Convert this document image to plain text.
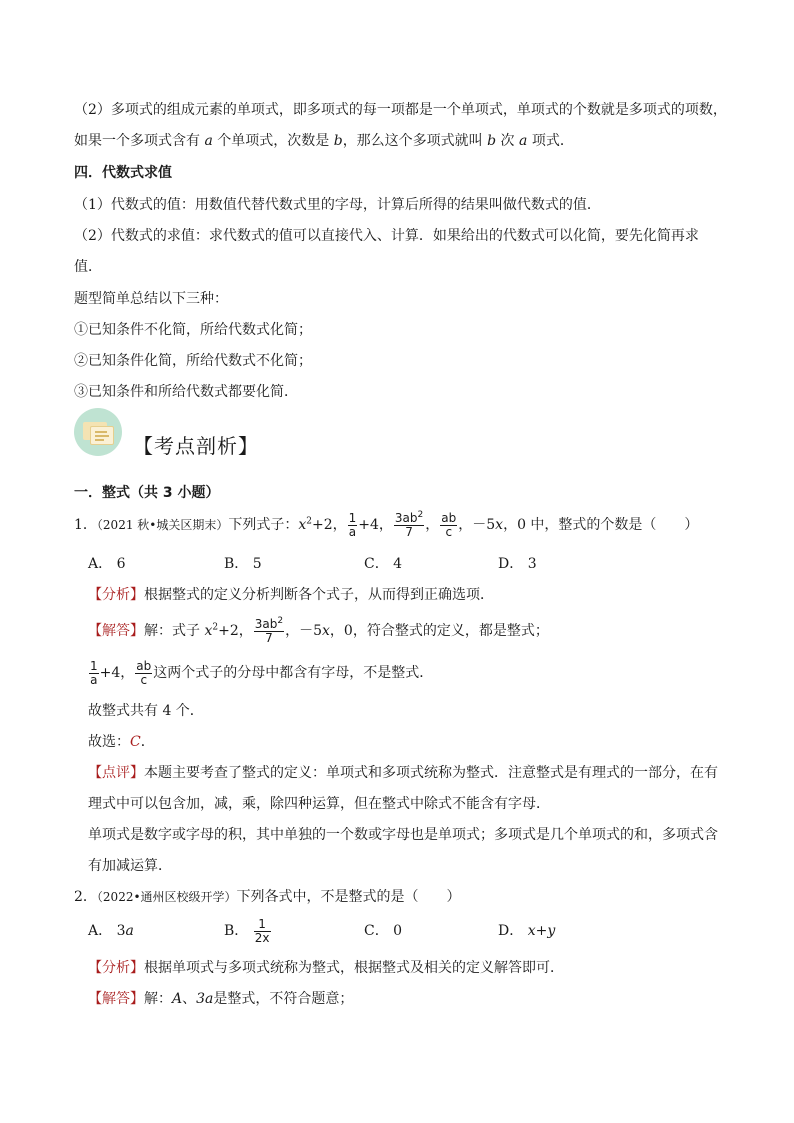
（2）多项式的组成元素的单项式，即多项式的每一项都是一个单项式，单项式的个数就是多项式的项数，
如果一个多项式含有 a 个单项式，次数是 b，那么这个多项式就叫 b 次 a 项式．
四．代数式求值
（1）代数式的值：用数值代替代数式里的字母，计算后所得的结果叫做代数式的值．
（2）代数式的求值：求代数式的值可以直接代入、计算．如果给出的代数式可以化简，要先化简再求
值．
题型简单总结以下三种：
①已知条件不化简，所给代数式化简；
②已知条件化简，所给代数式不化简；
③已知条件和所给代数式都要化简．
【考点剖析】
一．整式（共 3 小题）
1．（2021 秋•城关区期末）下列式子：$x^2+2$， $\frac{1}{a} +4$， $\frac{3ab^2}{7}$ ， $\frac{ab}{c}$ ，－5x，0 中，整式的个数是（　　）
A． 6	B． 5	C． 4	D． 3
【分析】根据整式的定义分析判断各个式子，从而得到正确选项．
【解答】解：式子 $x^2+2$， $\frac{3ab^2}{7}$ ，－5x，0，符合整式的定义，都是整式；
$\frac{1}{a} +4$， $\frac{ab}{c}$ 这两个式子的分母中都含有字母，不是整式．
故整式共有 4 个．
故选：C．
【点评】本题主要考查了整式的定义：单项式和多项式统称为整式．注意整式是有理式的一部分，在有
理式中可以包含加，减，乘，除四种运算，但在整式中除式不能含有字母．
单项式是数字或字母的积，其中单独的一个数或字母也是单项式；多项式是几个单项式的和，多项式含
有加减运算．
2．（2022•通州区校级开学）下列各式中，不是整式的是（　　）
A． 3a	B． $\frac{1}{2x}$	C． 0	D． x+y
【分析】根据单项式与多项式统称为整式，根据整式及相关的定义解答即可．
【解答】解：A、3a是整式，不符合题意；
